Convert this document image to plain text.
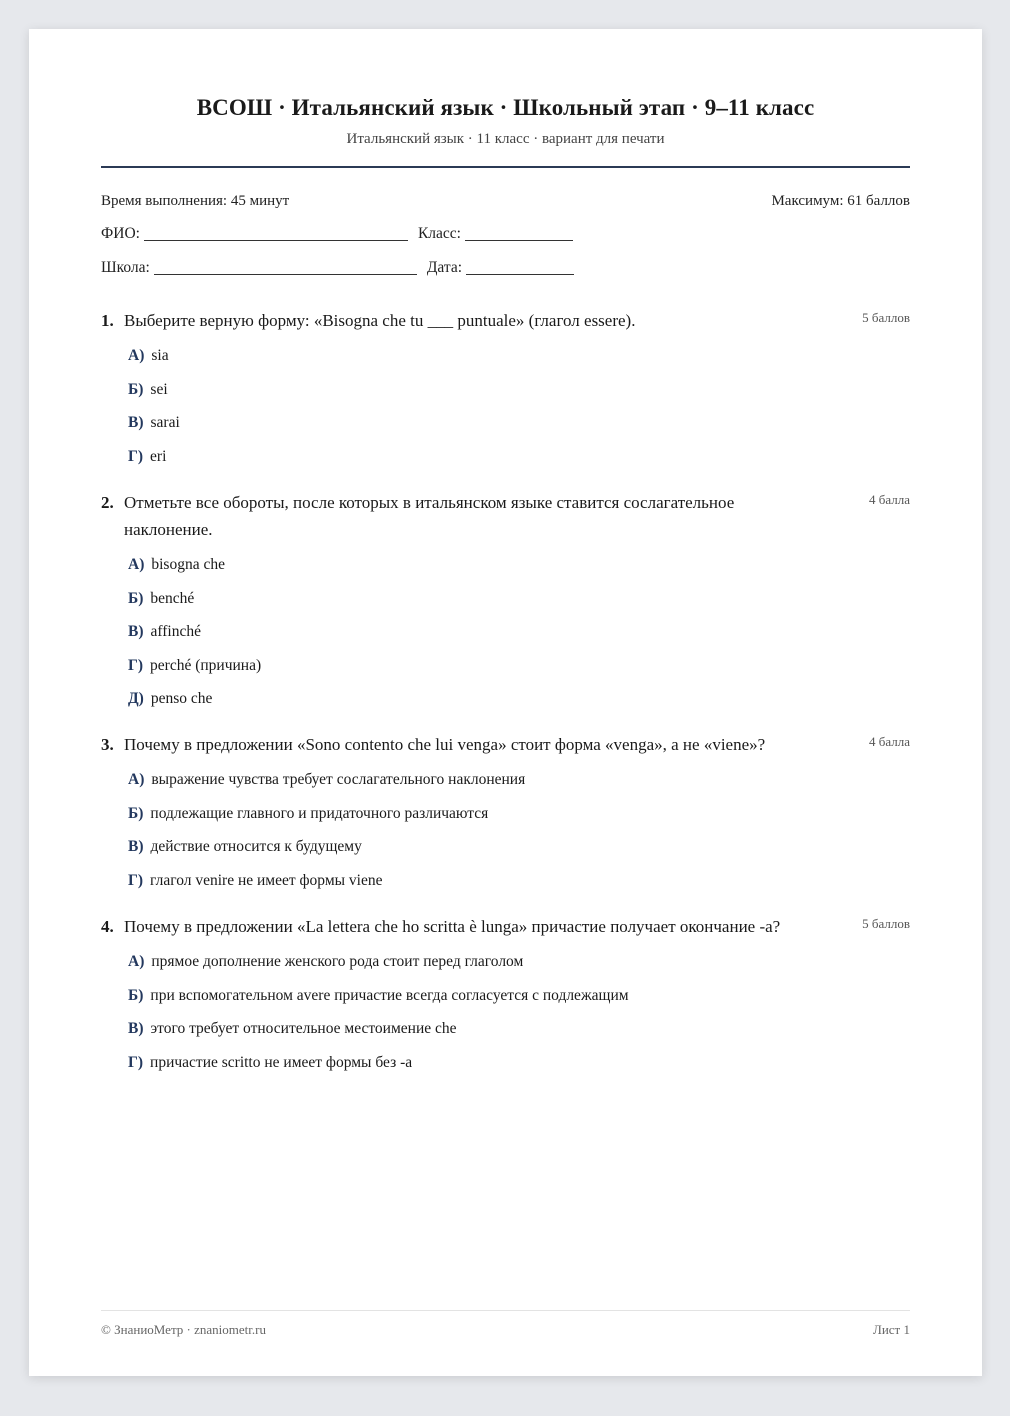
ВСОШ · Итальянский язык · Школьный этап · 9–11 класс
Итальянский язык · 11 класс · вариант для печати
Время выполнения: 45 минут	Максимум: 61 баллов
ФИО:	Класс:
Школа:	Дата:
1. Выберите верную форму: «Bisogna che tu ___ puntuale» (глагол essere).	5 баллов
А) sia
Б) sei
В) sarai
Г) eri
2. Отметьте все обороты, после которых в итальянском языке ставится сослагательное наклонение.
4 балла
А) bisogna che
Б) benché
В) affinché
Г) perché (причина)
Д) penso che
3. Почему в предложении «Sono contento che lui venga» стоит форма «venga», а не «viene»?	4 балла
А) выражение чувства требует сослагательного наклонения
Б) подлежащие главного и придаточного различаются
В) действие относится к будущему
Г) глагол venire не имеет формы viene
4. Почему в предложении «La lettera che ho scritta è lunga» причастие получает окончание -a?	5 баллов
А) прямое дополнение женского рода стоит перед глаголом
Б) при вспомогательном avere причастие всегда согласуется с подлежащим
В) этого требует относительное местоимение che
Г) причастие scritto не имеет формы без -a
© ЗнаниоМетр · znaniometr.ru	Лист 1
